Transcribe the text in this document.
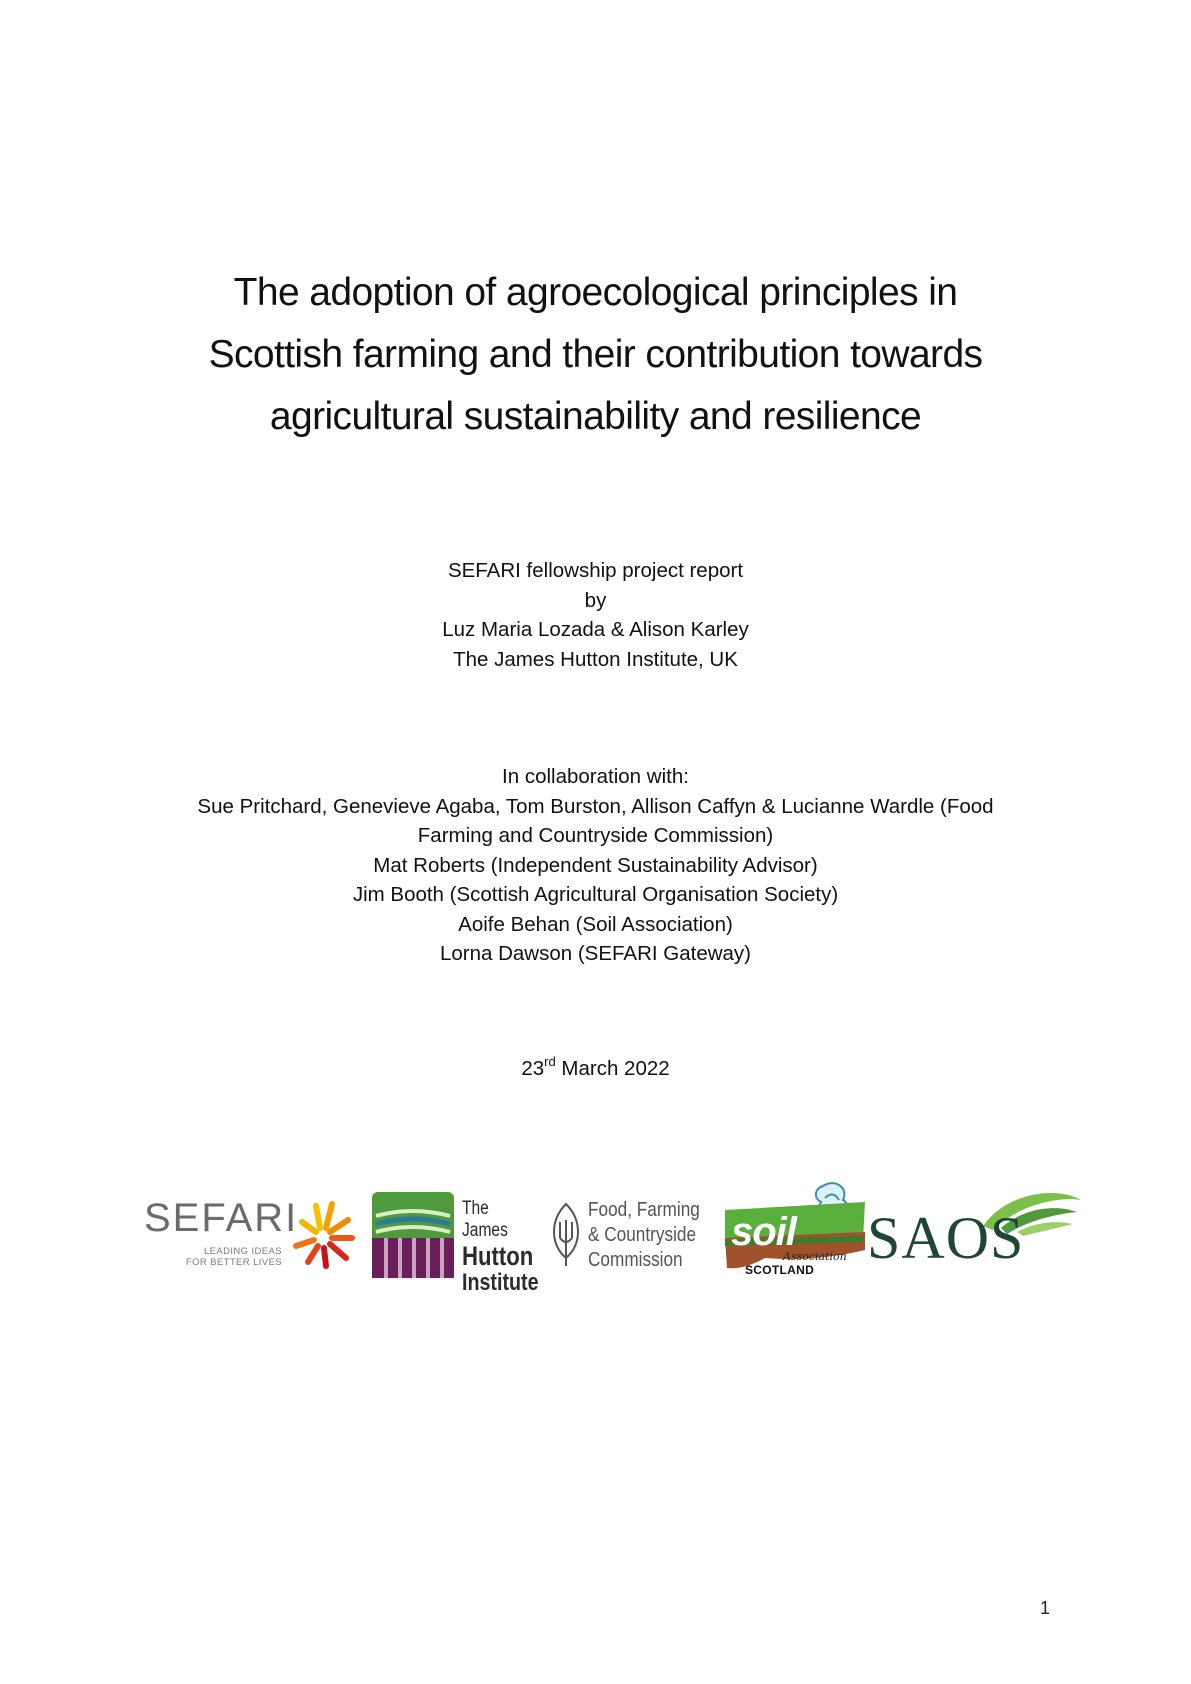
The adoption of agroecological principles in
Scottish farming and their contribution towards
agricultural sustainability and resilience
SEFARI fellowship project report
by
Luz Maria Lozada & Alison Karley
The James Hutton Institute, UK
In collaboration with:
Sue Pritchard, Genevieve Agaba, Tom Burston, Allison Caffyn & Lucianne Wardle (Food
Farming and Countryside Commission)
Mat Roberts (Independent Sustainability Advisor)
Jim Booth (Scottish Agricultural Organisation Society)
Aoife Behan (Soil Association)
Lorna Dawson (SEFARI Gateway)
23rd March 2022
SEFARI
LEADING IDEAS
FOR BETTER LIVES
The James
Hutton
Institute
Food, Farming
& Countryside
Commission
soil
Association
SCOTLAND SAOS
1
